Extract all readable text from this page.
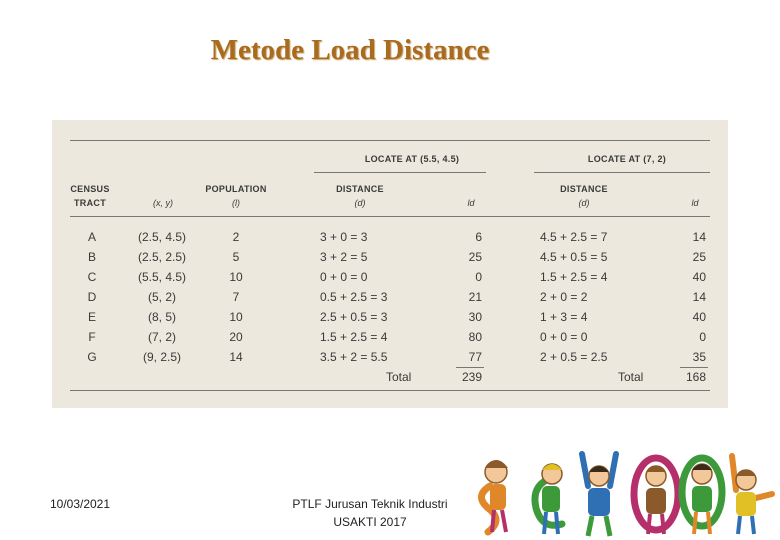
Metode Load Distance
LOCATE AT (5.5, 4.5)	LOCATE AT (7, 2)
CENSUS
TRACT	(x, y)
POPULATION
(l)
DISTANCE
(d)	ld
DISTANCE
(d)	ld
A	(2.5, 4.5)	2	3 + 0 = 3	6	4.5 + 2.5 = 7	14
B	(2.5, 2.5)	5	3 + 2 = 5	25	4.5 + 0.5 = 5	25
C	(5.5, 4.5)	10	0 + 0 = 0	0	1.5 + 2.5 = 4	40
D	(5, 2)	7	0.5 + 2.5 = 3	21	2 + 0 = 2	14
E	(8, 5)	10	2.5 + 0.5 = 3	30	1 + 3 = 4	40
F	(7, 2)	20	1.5 + 2.5 = 4	80	0 + 0 = 0	0
G	(9, 2.5)	14	3.5 + 2 = 5.5	77	2 + 0.5 = 2.5	35
Total	239	Total	168
10/03/2021	PTLF Jurusan Teknik Industri
USAKTI 2017
